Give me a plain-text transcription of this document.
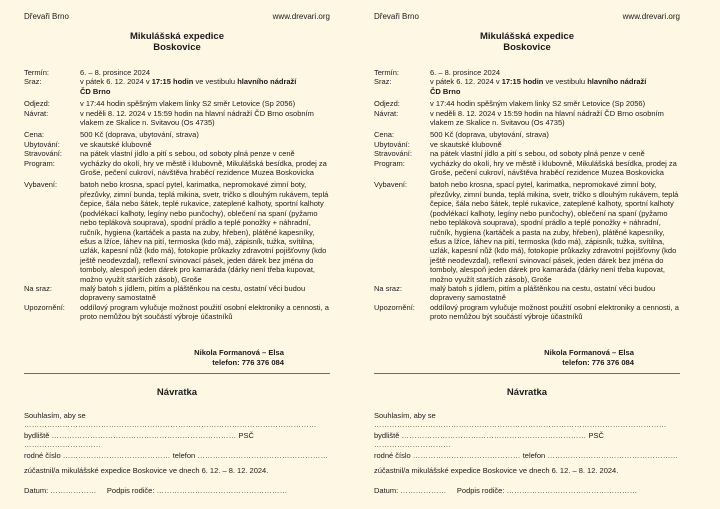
Dřevaři Brno	www.drevari.org
Mikulášská expedice
Boskovice
Termín:	6. – 8. prosince 2024
Sraz:	v pátek 6. 12. 2024 v 17:15 hodin ve vestibulu hlavního nádraží
ČD Brno
Odjezd:	v 17:44 hodin spěšným vlakem linky S2 směr Letovice (Sp 2056)
Návrat:	v neděli 8. 12. 2024 v 15:59 hodin na hlavní nádraží ČD Brno osobním vlakem ze Skalice n. Svitavou (Os 4735)
Cena:	500 Kč (doprava, ubytování, strava)
Ubytování:	ve skautské klubovně
Stravování:	na pátek vlastní jídlo a pití s sebou, od soboty plná penze v ceně
Program:	vycházky do okolí, hry ve městě i klubovně, Mikulášská besídka, prodej za Groše, pečení cukroví, návštěva hraběcí rezidence Muzea Boskovicka
Vybavení:	batoh nebo krosna, spací pytel, karimatka, nepromokavé zimní boty, přezůvky, zimní bunda, teplá mikina, svetr, tričko s dlouhým rukávem, teplá čepice, šála nebo šátek, teplé rukavice, zateplené kalhoty, sportní kalhoty (podvlékací kalhoty, legíny nebo punčochy), oblečení na spaní (pyžamo nebo teplákovà souprava), spodní prádlo a teplé ponožky + náhradní, ručník, hygiena (kartáček a pasta na zuby, hřeben), plátěné kapesníky, ešus a lžíce, láhev na pití, termoska (kdo má), zápisník, tužka, svítilna, uzlák, kapesní nůž (kdo má), fotokopie průkazky zdravotní pojišťovny (kdo ještě neodevzdal), reflexní svinovací pásek, jeden dárek bez jména do tomboly, alespoň jeden dárek pro kamaráda (dárky není třeba kupovat, možno využít starších zásob), Groše
Na sraz:	malý batoh s jídlem, pitím a pláštěnkou na cestu, ostatní věci budou dopraveny samostatně
Upozornění:	oddílový program vylučuje možnost použití osobní elektroniky a cennosti, a proto nemůžou být součástí výbroje účastníků
Nikola Formanová – Elsa
telefon: 776 376 084
Návratka
Souhlasím, aby se ……………………………………………………………………………………………………
bydliště ……………………………………………………………… PSČ …………………………
rodné číslo …………………………………… telefon ……………………………………………
zúčastnil/a mikulášské expedice Boskovice ve dnech 6. 12. – 8. 12. 2024.
Datum: ……………… Podpis rodiče: ……………………………………………
Dřevaři Brno	www.drevari.org
Mikulášská expedice
Boskovice
Termín:	6. – 8. prosince 2024
Sraz:	v pátek 6. 12. 2024 v 17:15 hodin ve vestibulu hlavního nádraží
ČD Brno
Odjezd:	v 17:44 hodin spěšným vlakem linky S2 směr Letovice (Sp 2056)
Návrat:	v neděli 8. 12. 2024 v 15:59 hodin na hlavní nádraží ČD Brno osobním vlakem ze Skalice n. Svitavou (Os 4735)
Cena:	500 Kč (doprava, ubytování, strava)
Ubytování:	ve skautské klubovně
Stravování:	na pátek vlastní jídlo a pití s sebou, od soboty plná penze v ceně
Program:	vycházky do okolí, hry ve městě i klubovně, Mikulášská besídka, prodej za Groše, pečení cukroví, návštěva hraběcí rezidence Muzea Boskovicka
Vybavení:	batoh nebo krosna, spací pytel, karimatka, nepromokavé zimní boty, přezůvky, zimní bunda, teplá mikina, svetr, tričko s dlouhým rukávem, teplá čepice, šála nebo šátek, teplé rukavice, zateplené kalhoty, sportní kalhoty (podvlékací kalhoty, legíny nebo punčochy), oblečení na spaní (pyžamo nebo teplákovà souprava), spodní prádlo a teplé ponožky + náhradní, ručník, hygiena (kartáček a pasta na zuby, hřeben), plátěné kapesníky, ešus a lžíce, láhev na pití, termoska (kdo má), zápisník, tužka, svítilna, uzlák, kapesní nůž (kdo má), fotokopie průkazky zdravotní pojišťovny (kdo ještě neodevzdal), reflexní svinovací pásek, jeden dárek bez jména do tomboly, alespoň jeden dárek pro kamaráda (dárky není třeba kupovat, možno využít starších zásob), Groše
Na sraz:	malý batoh s jídlem, pitím a pláštěnkou na cestu, ostatní věci budou dopraveny samostatně
Upozornění:	oddílový program vylučuje možnost použití osobní elektroniky a cennosti, a proto nemůžou být součástí výbroje účastníků
Nikola Formanová – Elsa
telefon: 776 376 084
Návratka
Souhlasím, aby se ……………………………………………………………………………………………………
bydliště ……………………………………………………………… PSČ …………………………
rodné číslo …………………………………… telefon ……………………………………………
zúčastnil/a mikulášské expedice Boskovice ve dnech 6. 12. – 8. 12. 2024.
Datum: ……………… Podpis rodiče: ……………………………………………
